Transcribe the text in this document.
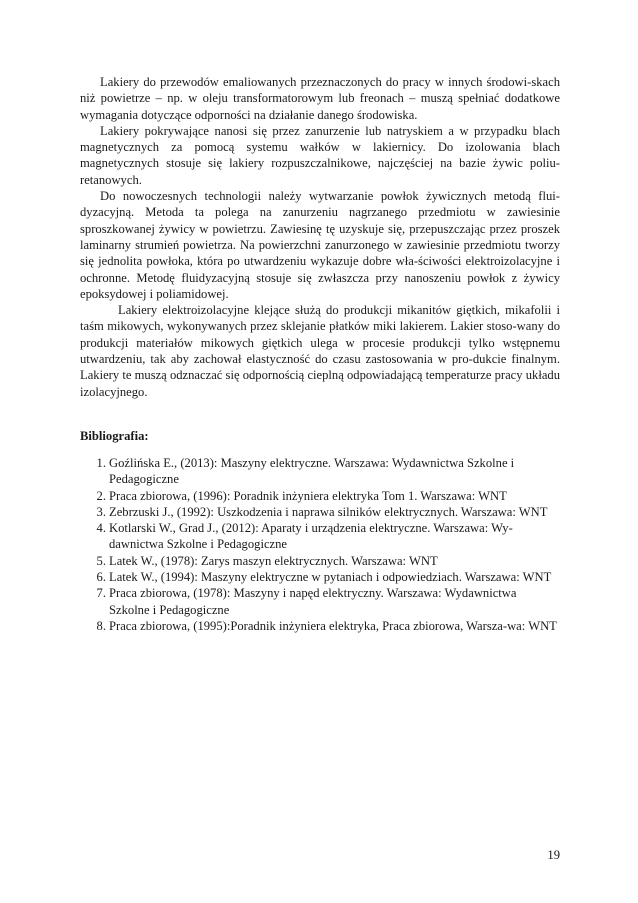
Lakiery do przewodów emaliowanych przeznaczonych do pracy w innych środowi-skach niż powietrze – np. w oleju transformatorowym lub freonach – muszą spełniać dodatkowe wymagania dotyczące odporności na działanie danego środowiska.

Lakiery pokrywające nanosi się przez zanurzenie lub natryskiem a w przypadku blach magnetycznych za pomocą systemu wałków w lakiernicy. Do izolowania blach magnetycznych stosuje się lakiery rozpuszczalnikowe, najczęściej na bazie żywic poliu-retanowych.

Do nowoczesnych technologii należy wytwarzanie powłok żywicznych metodą flui-dyzacyjną. Metoda ta polega na zanurzeniu nagrzanego przedmiotu w zawiesinie sproszkowanej żywicy w powietrzu. Zawiesinę tę uzyskuje się, przepuszczając przez proszek laminarny strumień powietrza. Na powierzchni zanurzonego w zawiesinie przedmiotu tworzy się jednolita powłoka, która po utwardzeniu wykazuje dobre wła-ściwości elektroizolacyjne i ochronne. Metodę fluidyzacyjną stosuje się zwłaszcza przy nanoszeniu powłok z żywicy epoksydowej i poliamidowej.

Lakiery elektroizolacyjne klejące służą do produkcji mikanitów giętkich, mikafolii i taśm mikowych, wykonywanych przez sklejanie płatków miki lakierem. Lakier stoso-wany do produkcji materiałów mikowych giętkich ulega w procesie produkcji tylko wstępnemu utwardzeniu, tak aby zachował elastyczność do czasu zastosowania w pro-dukcie finalnym. Lakiery te muszą odznaczać się odpornością cieplną odpowiadającą temperaturze pracy układu izolacyjnego.

Bibliografia:

1 . Goźlińska E., (2013): Maszyny elektryczne. Warszawa: Wydawnictwa Szkolne i Pedagogiczne
2 . Praca zbiorowa, (1996): Poradnik inżyniera elektryka Tom 1. Warszawa: WNT
3 . Zebrzuski J., (1992): Uszkodzenia i naprawa silników elektrycznych. Warszawa: WNT
4 . Kotlarski W., Grad J., (2012): Aparaty i urządzenia elektryczne. Warszawa: Wy-dawnictwa Szkolne i Pedagogiczne
5 . Latek W., (1978): Zarys maszyn elektrycznych. Warszawa: WNT
6 . Latek W., (1994): Maszyny elektryczne w pytaniach i odpowiedziach. Warszawa: WNT
7 . Praca zbiorowa, (1978): Maszyny i napęd elektryczny. Warszawa: Wydawnictwa Szkolne i Pedagogiczne
8 . Praca zbiorowa, (1995):Poradnik inżyniera elektryka, Praca zbiorowa, Warsza-wa: WNT
19
